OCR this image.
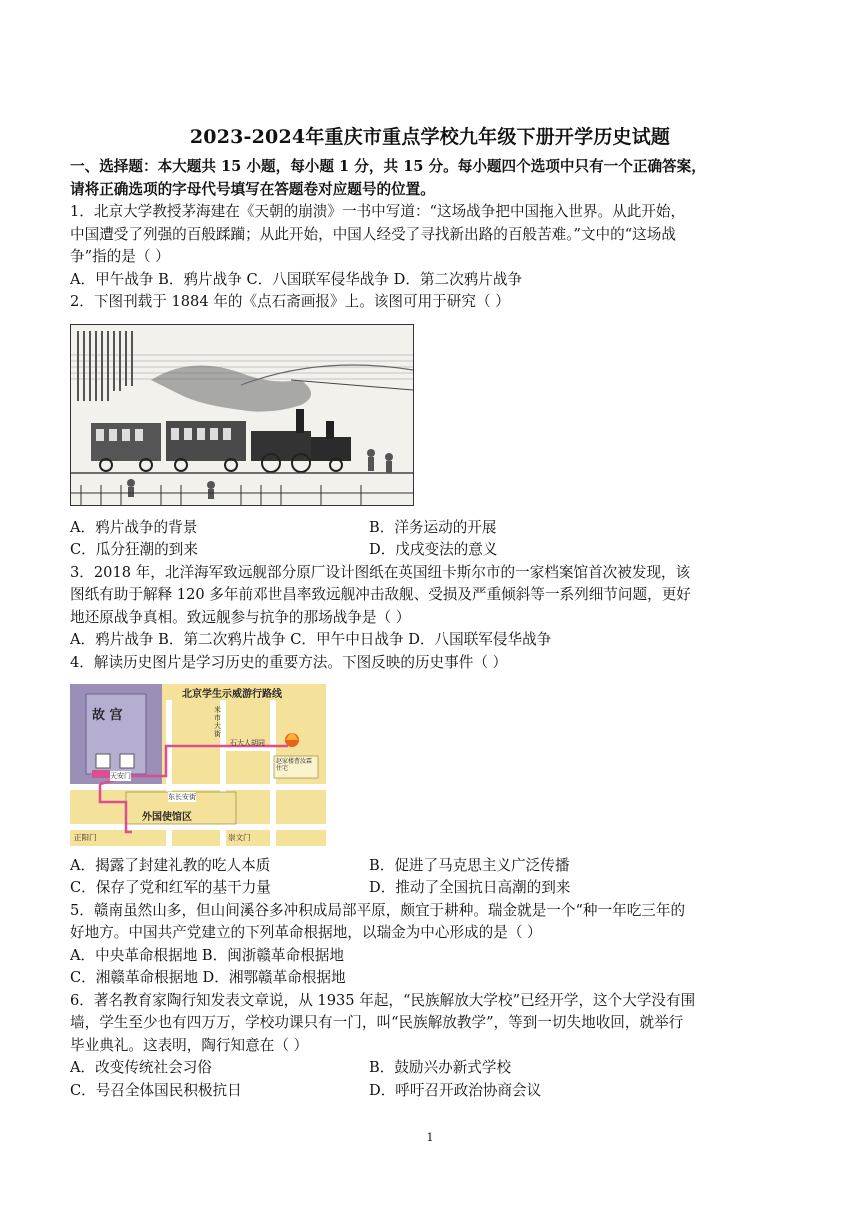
2023-2024年重庆市重点学校九年级下册开学历史试题
一、选择题：本大题共 15 小题，每小题 1 分，共 15 分。每小题四个选项中只有一个正确答案，
请将正确选项的字母代号填写在答题卷对应题号的位置。
1．北京大学教授茅海建在《天朝的崩溃》一书中写道：“这场战争把中国拖入世界。从此开始，
中国遭受了列强的百般蹂躏；从此开始，中国人经受了寻找新出路的百般苦难。”文中的“这场战
争”指的是（ ）
A．甲午战争 B．鸦片战争 C．八国联军侵华战争 D．第二次鸦片战争
2．下图刊载于 1884 年的《点石斋画报》上。该图可用于研究（ ）
A．鸦片战争的背景	B．洋务运动的开展
C．瓜分狂潮的到来	D．戊戌变法的意义
3．2018 年，北洋海军致远舰部分原厂设计图纸在英国纽卡斯尔市的一家档案馆首次被发现，该
图纸有助于解释 120 多年前邓世昌率致远舰冲击敌舰、受损及严重倾斜等一系列细节问题，更好
地还原战争真相。致远舰参与抗争的那场战争是（ ）
A．鸦片战争 B．第二次鸦片战争 C．甲午中日战争 D．八国联军侵华战争
4．解读历史图片是学习历史的重要方法。下图反映的历史事件（ ）
北京学生示威游行路线
故 宫
天安门
外国使馆区
正阳门	崇文门
东长安街
石大人胡同
米市大街
赵家楼曹汝霖住宅
A．揭露了封建礼教的吃人本质	B．促进了马克思主义广泛传播
C．保存了党和红军的基干力量	D．推动了全国抗日高潮的到来
5．赣南虽然山多，但山间溪谷多冲积成局部平原，颇宜于耕种。瑞金就是一个“种一年吃三年的
好地方。中国共产党建立的下列革命根据地，以瑞金为中心形成的是（ ）
A．中央革命根据地 B．闽浙赣革命根据地
C．湘赣革命根据地 D．湘鄂赣革命根据地
6．著名教育家陶行知发表文章说，从 1935 年起，“民族解放大学校”已经开学，这个大学没有围
墙，学生至少也有四万万，学校功课只有一门，叫“民族解放教学”，等到一切失地收回，就举行
毕业典礼。这表明，陶行知意在（ ）
A．改变传统社会习俗	B．鼓励兴办新式学校
C．号召全体国民积极抗日	D．呼吁召开政治协商会议
1
